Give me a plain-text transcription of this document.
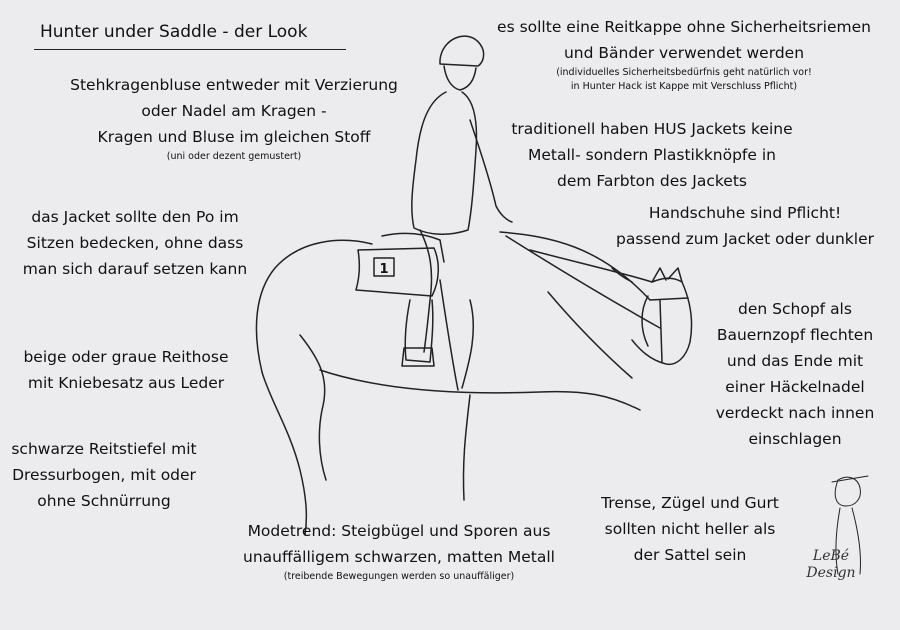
1
Hunter under Saddle - der Look	es sollte eine Reitkappe ohne Sicherheitsriemen
und Bänder verwendet werden
(individuelles Sicherheitsbedürfnis geht natürlich vor!
in Hunter Hack ist Kappe mit Verschluss Pflicht)
Stehkragenbluse entweder mit Verzierung
oder Nadel am Kragen -
Kragen und Bluse im gleichen Stoff
(uni oder dezent gemustert)
traditionell haben HUS Jackets keine
Metall- sondern Plastikknöpfe in
dem Farbton des Jackets
Handschuhe sind Pflicht!
passend zum Jacket oder dunkler
das Jacket sollte den Po im
Sitzen bedecken, ohne dass
man sich darauf setzen kann
den Schopf als
Bauernzopf flechten
und das Ende mit
einer Häckelnadel
verdeckt nach innen
einschlagen
beige oder graue Reithose
mit Kniebesatz aus Leder
schwarze Reitstiefel mit
Dressurbogen, mit oder
ohne Schnürrung	Trense, Zügel und Gurt
sollten nicht heller als
der Sattel sein
Modetrend: Steigbügel und Sporen aus
unauffälligem schwarzen, matten Metall
(treibende Bewegungen werden so unauffäliger)
LeBé
Design
